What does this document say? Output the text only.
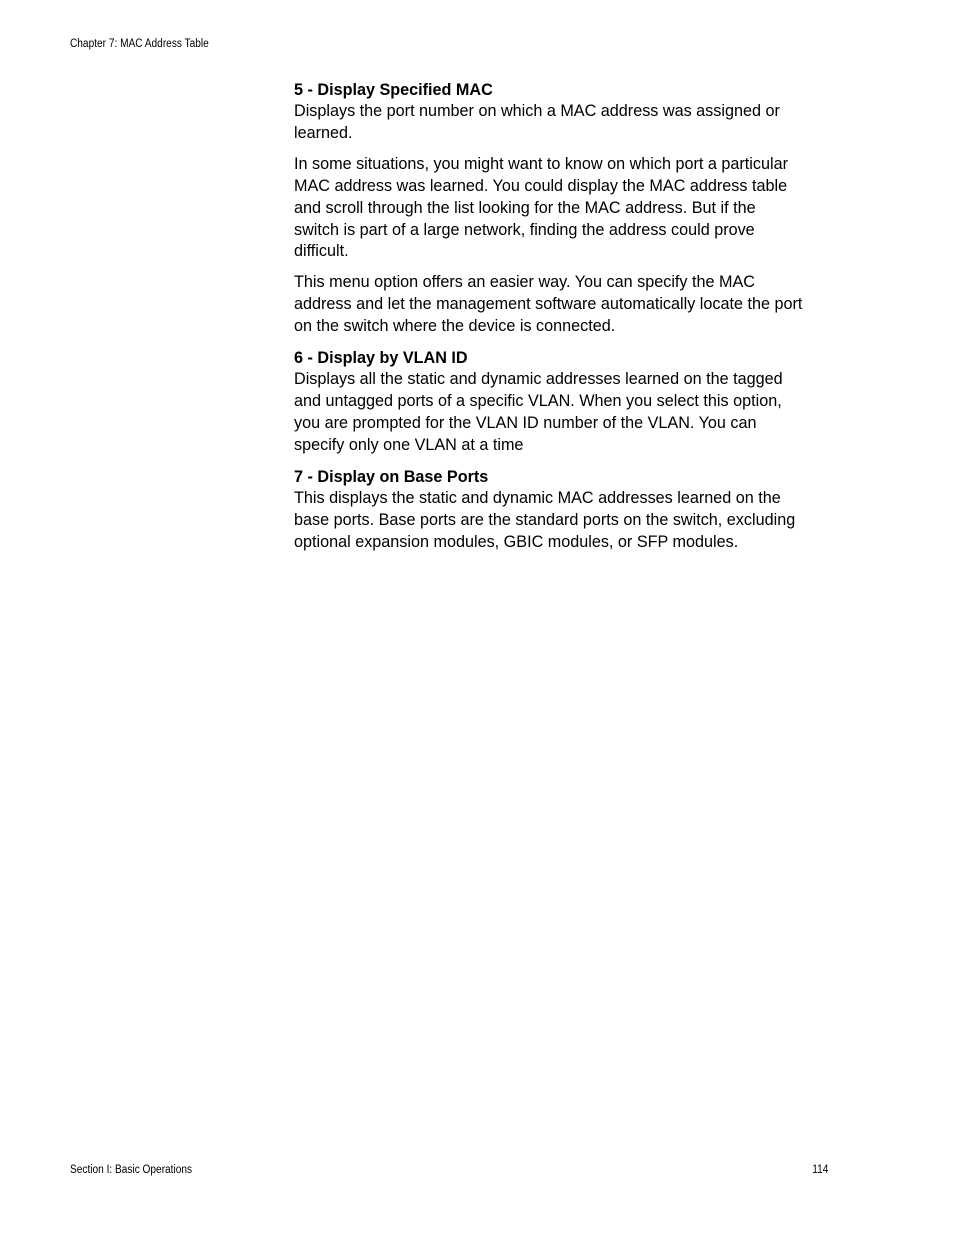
Chapter 7: MAC Address Table
5 - Display Specified MAC

Displays the port number on which a MAC address was assigned or learned.

In some situations, you might want to know on which port a particular MAC address was learned. You could display the MAC address table and scroll through the list looking for the MAC address. But if the switch is part of a large network, finding the address could prove difficult.

This menu option offers an easier way. You can specify the MAC address and let the management software automatically locate the port on the switch where the device is connected.

6 - Display by VLAN ID

Displays all the static and dynamic addresses learned on the tagged and untagged ports of a specific VLAN. When you select this option, you are prompted for the VLAN ID number of the VLAN. You can specify only one VLAN at a time

7 - Display on Base Ports

This displays the static and dynamic MAC addresses learned on the base ports. Base ports are the standard ports on the switch, excluding optional expansion modules, GBIC modules, or SFP modules.

Section I: Basic Operations	114
